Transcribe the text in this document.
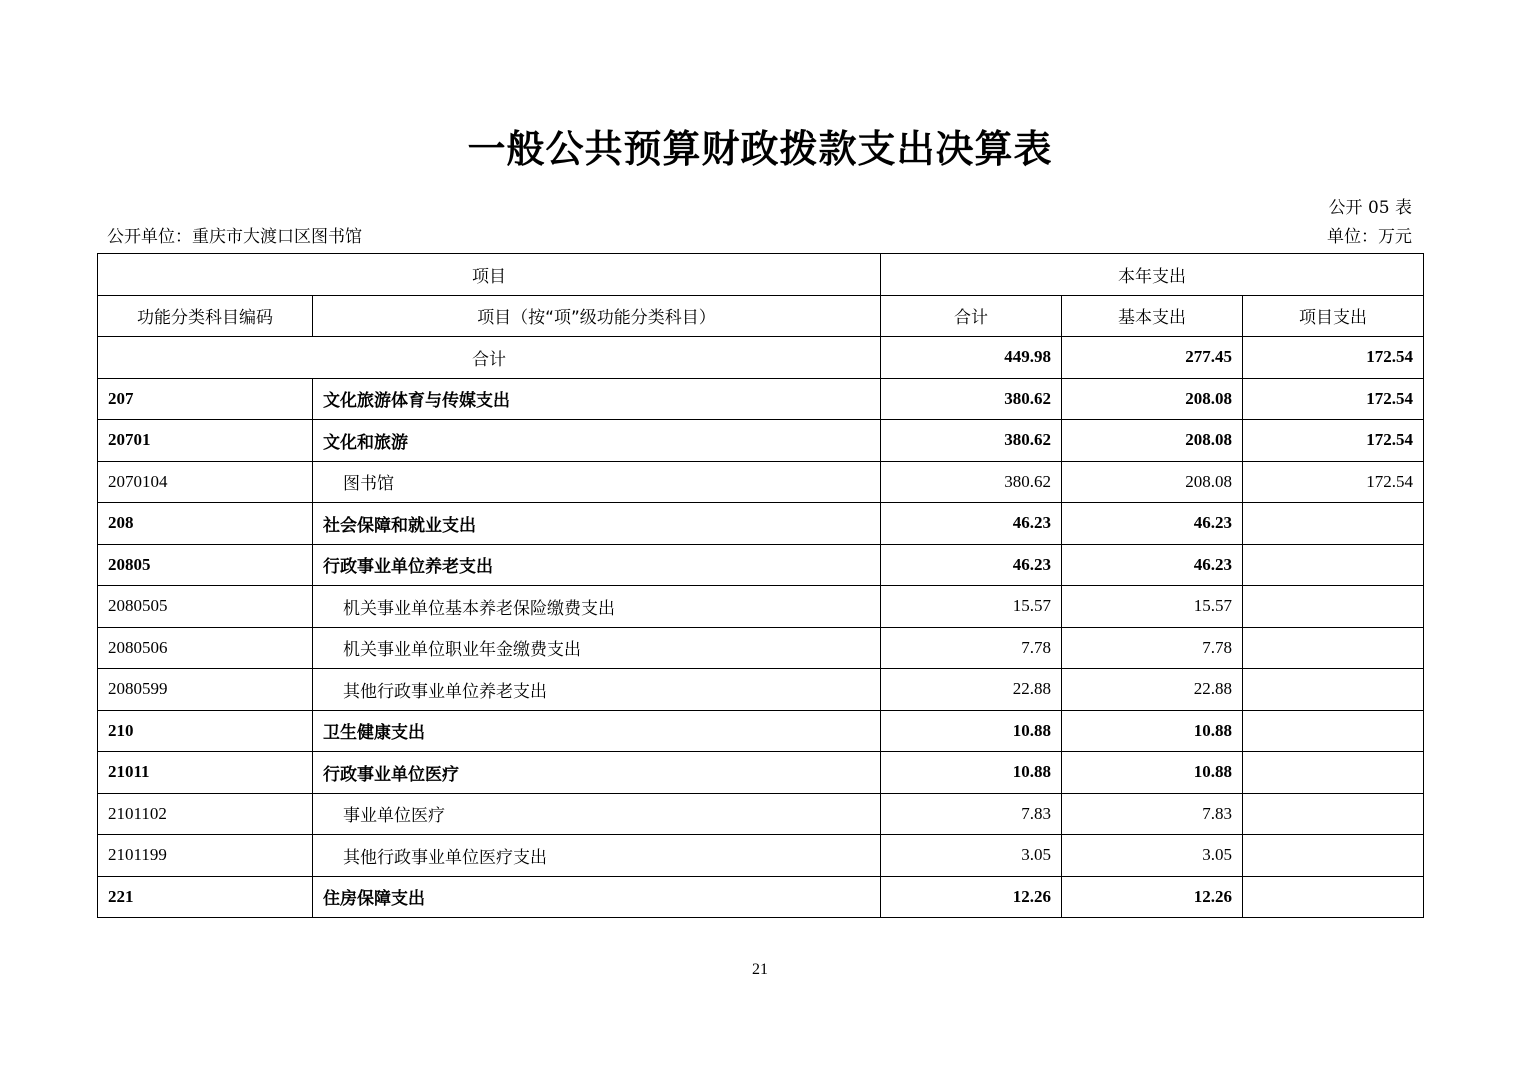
一般公共预算财政拨款支出决算表
公开 05 表
公开单位：重庆市大渡口区图书馆	单位：万元
项目		本年支出		
功能分类科目编码	项目（按“项”级功能分类科目）	合计	基本支出	项目支出
合计		449.98	277.45	172.54
207	文化旅游体育与传媒支出	380.62	208.08	172.54
20701	文化和旅游	380.62	208.08	172.54
2070104	图书馆	380.62	208.08	172.54
208	社会保障和就业支出	46.23	46.23	
20805	行政事业单位养老支出	46.23	46.23	
2080505	机关事业单位基本养老保险缴费支出	15.57	15.57	
2080506	机关事业单位职业年金缴费支出	7.78	7.78	
2080599	其他行政事业单位养老支出	22.88	22.88	
210	卫生健康支出	10.88	10.88	
21011	行政事业单位医疗	10.88	10.88	
2101102	事业单位医疗	7.83	7.83	
2101199	其他行政事业单位医疗支出	3.05	3.05	
221	住房保障支出	12.26	12.26	
21
